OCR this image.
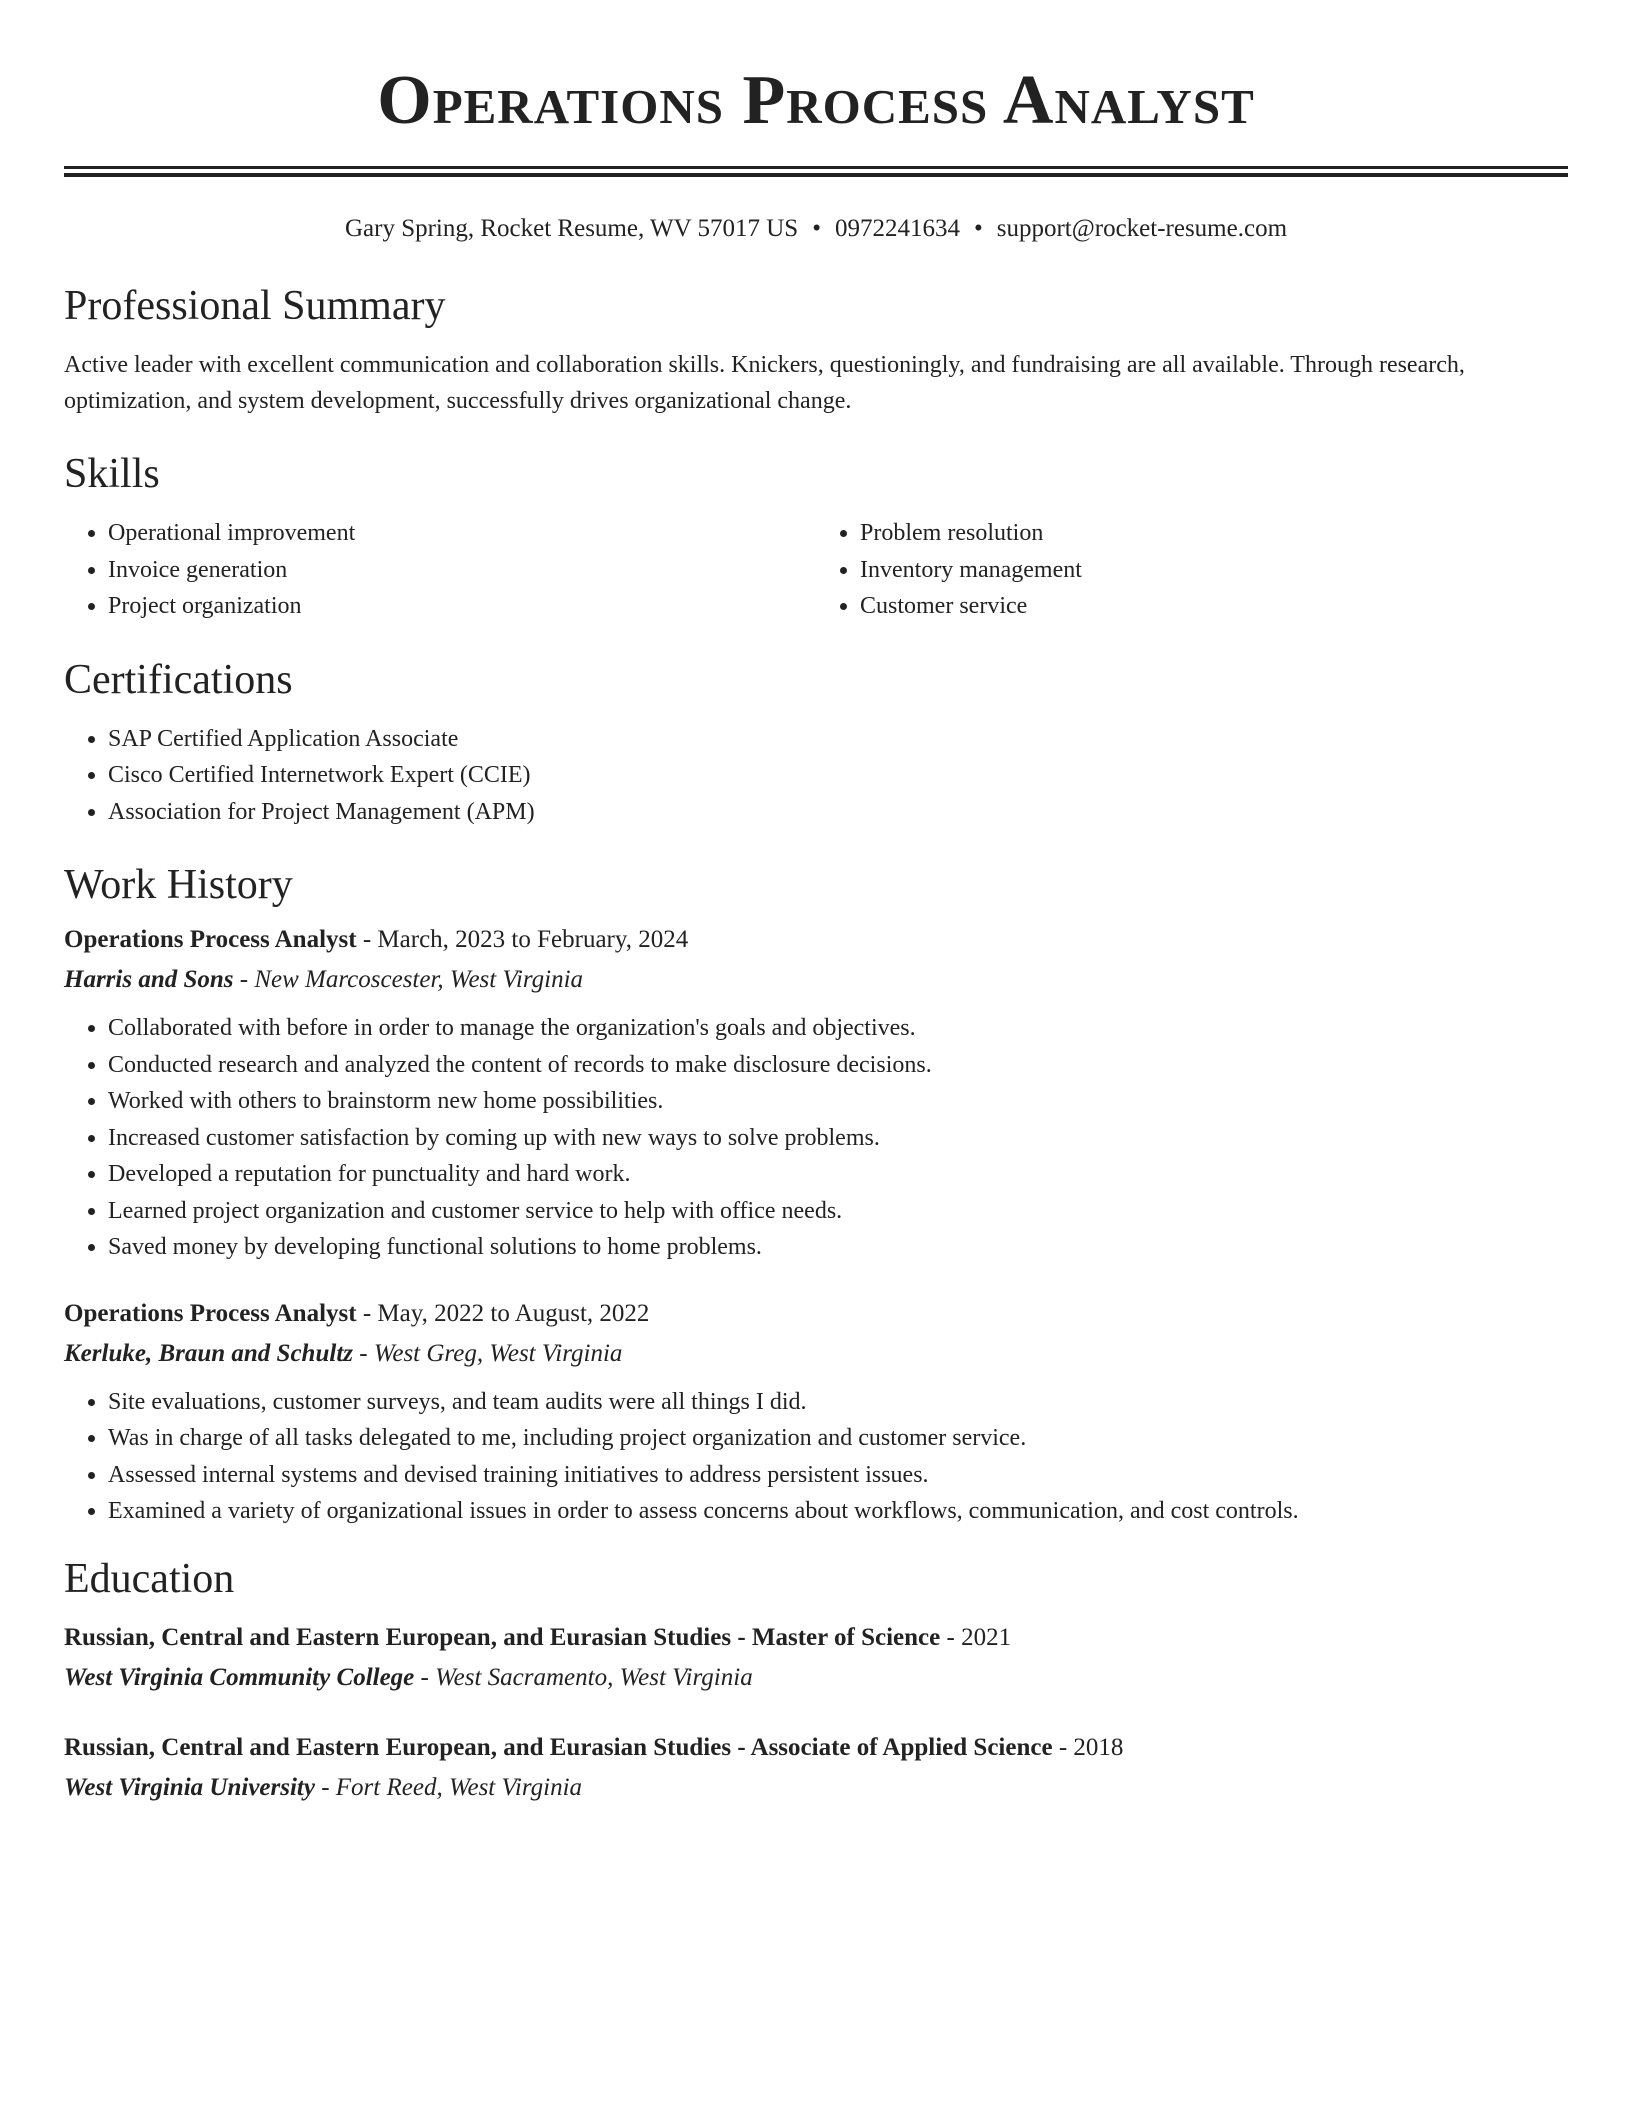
Operations Process Analyst
Gary Spring, Rocket Resume, WV 57017 US • 0972241634 • support@rocket-resume.com
Professional Summary
Active leader with excellent communication and collaboration skills. Knickers, questioningly, and fundraising are all available. Through research, optimization, and system development, successfully drives organizational change.
Skills
• Operational improvement
• Invoice generation
• Project organization
• Problem resolution
• Inventory management
• Customer service
Certifications
• SAP Certified Application Associate
• Cisco Certified Internetwork Expert (CCIE)
• Association for Project Management (APM)
Work History
Operations Process Analyst - March, 2023 to February, 2024
Harris and Sons - New Marcoscester, West Virginia
• Collaborated with before in order to manage the organization's goals and objectives.
• Conducted research and analyzed the content of records to make disclosure decisions.
• Worked with others to brainstorm new home possibilities.
• Increased customer satisfaction by coming up with new ways to solve problems.
• Developed a reputation for punctuality and hard work.
• Learned project organization and customer service to help with office needs.
• Saved money by developing functional solutions to home problems.
Operations Process Analyst - May, 2022 to August, 2022
Kerluke, Braun and Schultz - West Greg, West Virginia
• Site evaluations, customer surveys, and team audits were all things I did.
• Was in charge of all tasks delegated to me, including project organization and customer service.
• Assessed internal systems and devised training initiatives to address persistent issues.
• Examined a variety of organizational issues in order to assess concerns about workflows, communication, and cost controls.
Education
Russian, Central and Eastern European, and Eurasian Studies - Master of Science - 2021
West Virginia Community College - West Sacramento, West Virginia
Russian, Central and Eastern European, and Eurasian Studies - Associate of Applied Science - 2018
West Virginia University - Fort Reed, West Virginia
